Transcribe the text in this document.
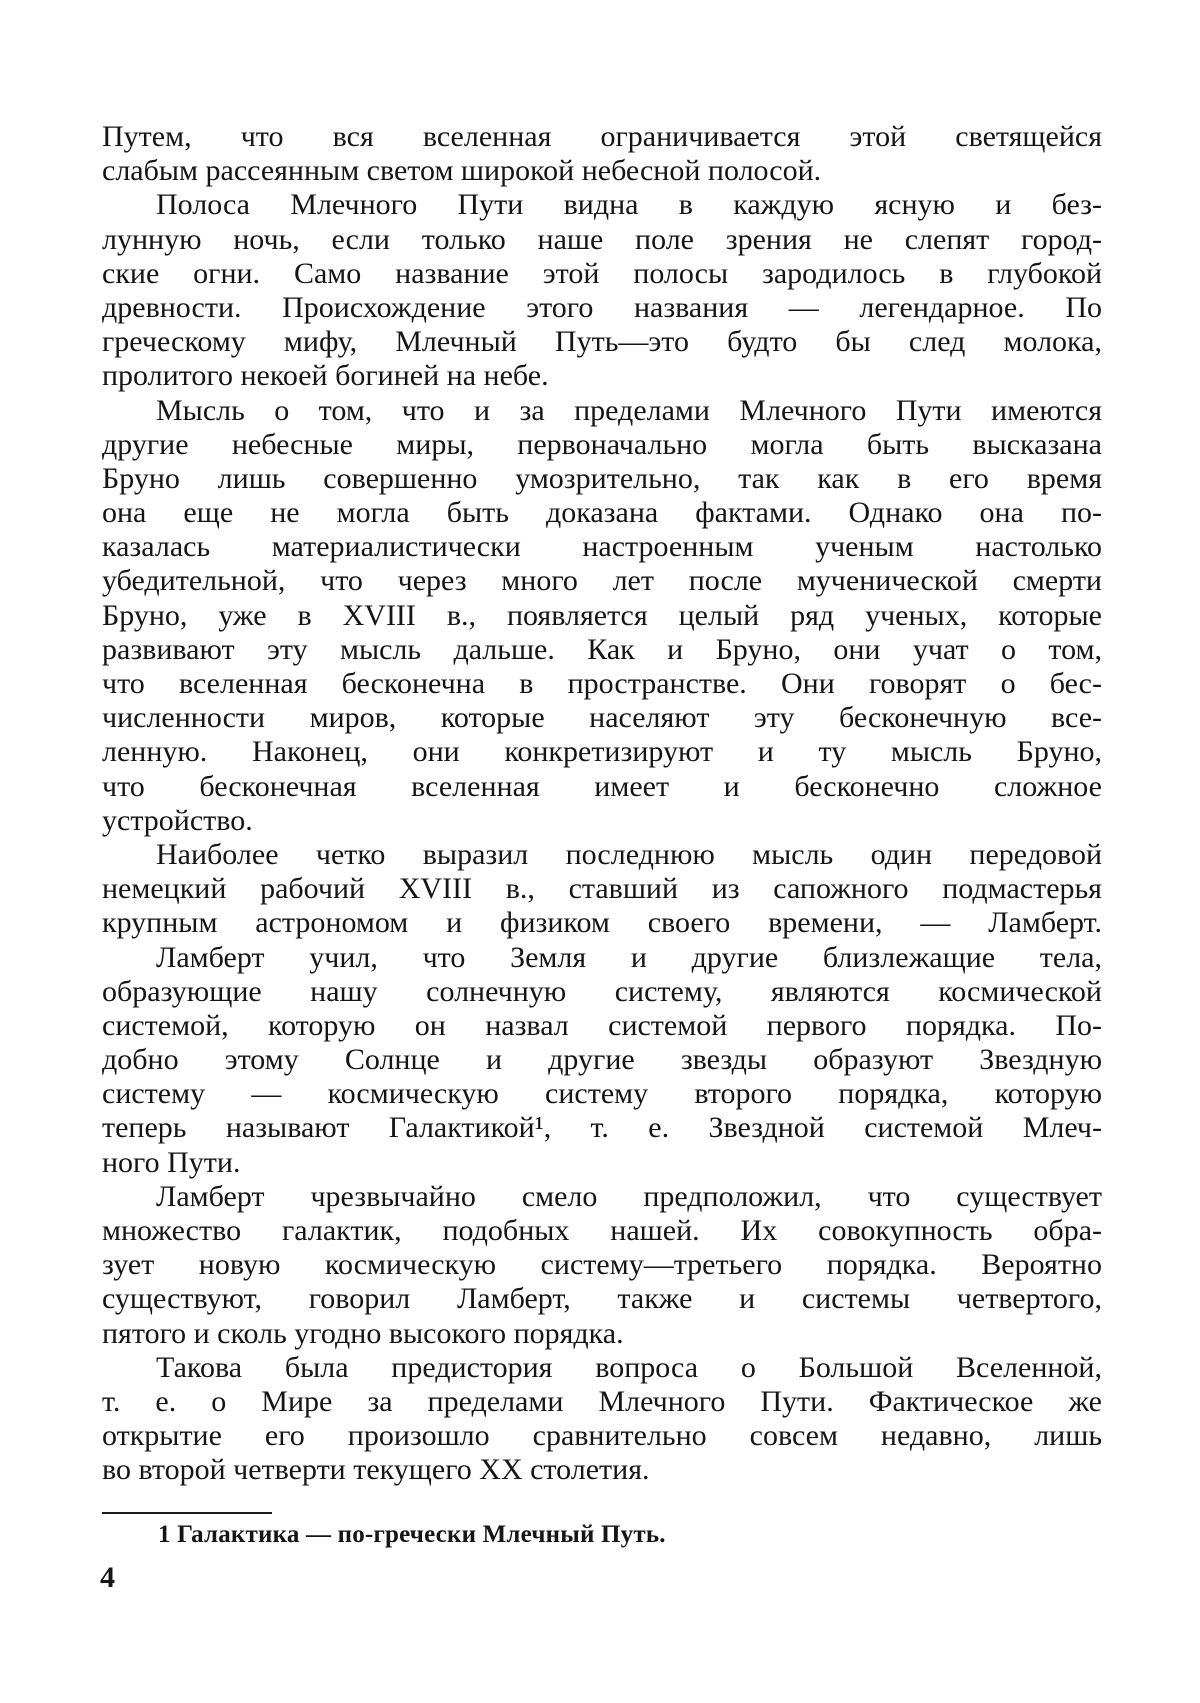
Путем, что вся вселенная ограничивается этой светящейся
слабым рассеянным светом широкой небесной полосой.
Полоса Млечного Пути видна в каждую ясную и без-
лунную ночь, если только наше поле зрения не слепят город-
ские огни. Само название этой полосы зародилось в глубокой
древности. Происхождение этого названия — легендарное. По
греческому мифу, Млечный Путь—это будто бы след молока,
пролитого некоей богиней на небе.
Мысль о том, что и за пределами Млечного Пути имеются
другие небесные миры, первоначально могла быть высказана
Бруно лишь совершенно умозрительно, так как в его время
она еще не могла быть доказана фактами. Однако она по-
казалась материалистически настроенным ученым настолько
убедительной, что через много лет после мученической смерти
Бруно, уже в XVIII в., появляется целый ряд ученых, которые
развивают эту мысль дальше. Как и Бруно, они учат о том,
что вселенная бесконечна в пространстве. Они говорят о бес-
численности миров, которые населяют эту бесконечную все-
ленную. Наконец, они конкретизируют и ту мысль Бруно,
что бесконечная вселенная имеет и бесконечно сложное
устройство.
Наиболее четко выразил последнюю мысль один передовой
немецкий рабочий XVIII в., ставший из сапожного подмастерья
крупным астрономом и физиком своего времени, — Ламберт.
Ламберт учил, что Земля и другие близлежащие тела,
образующие нашу солнечную систему, являются космической
системой, которую он назвал системой первого порядка. По-
добно этому Солнце и другие звезды образуют Звездную
систему — космическую систему второго порядка, которую
теперь называют Галактикой¹, т. е. Звездной системой Млеч-
ного Пути.
Ламберт чрезвычайно смело предположил, что существует
множество галактик, подобных нашей. Их совокупность обра-
зует новую космическую систему—третьего порядка. Вероятно
существуют, говорил Ламберт, также и системы четвертого,
пятого и сколь угодно высокого порядка.
Такова была предистория вопроса о Большой Вселенной,
т. е. о Мире за пределами Млечного Пути. Фактическое же
открытие его произошло сравнительно совсем недавно, лишь
во второй четверти текущего XX столетия.
1 Галактика — по-гречески Млечный Путь.
4
